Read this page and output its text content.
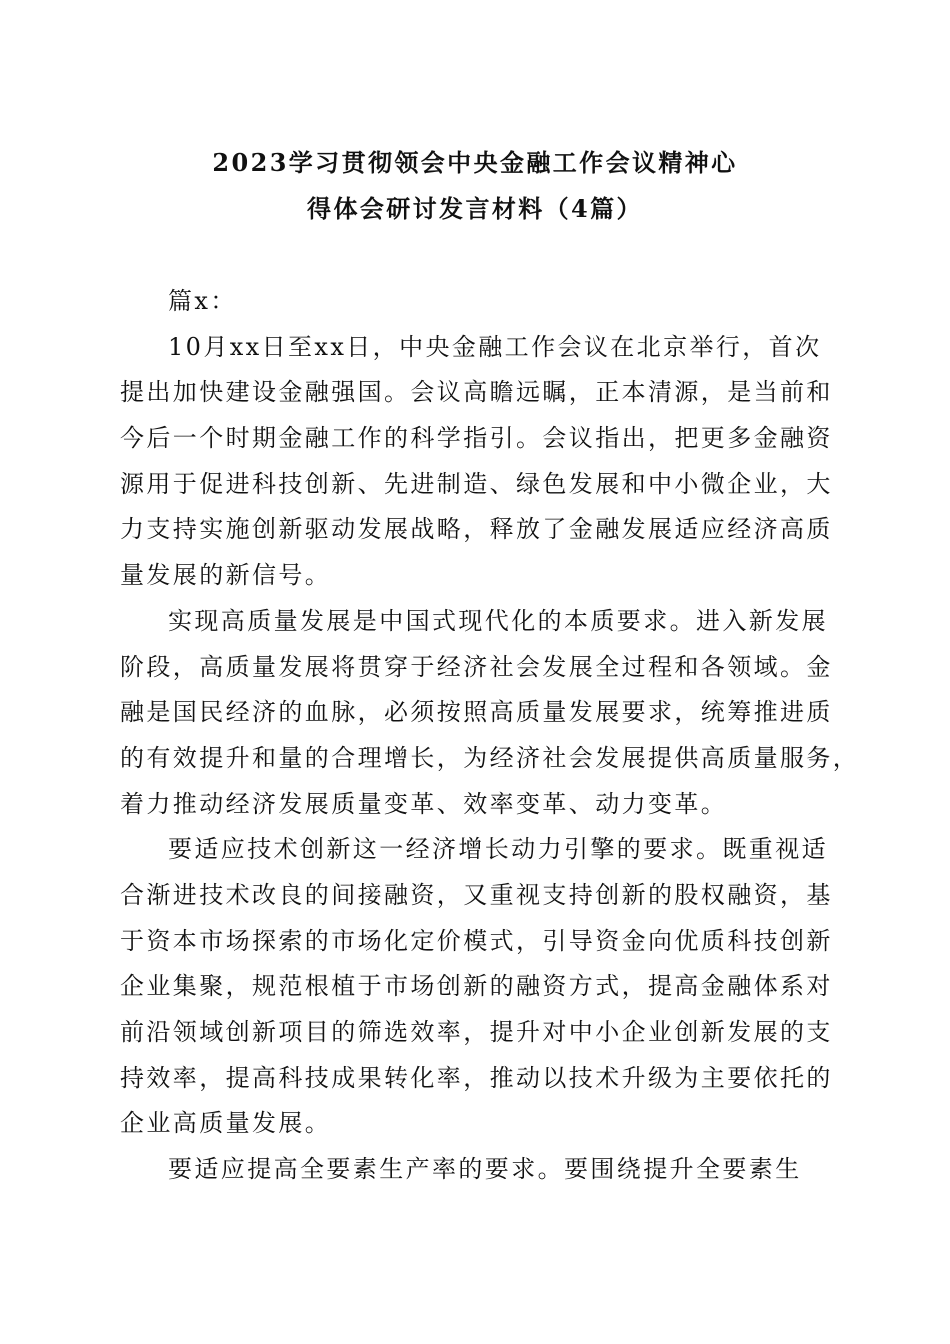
2023学习贯彻领会中央金融工作会议精神心
得体会研讨发言材料（4篇）
篇x：
10月xx日至xx日，中央金融工作会议在北京举行，首次
提出加快建设金融强国。会议高瞻远瞩，正本清源，是当前和
今后一个时期金融工作的科学指引。会议指出，把更多金融资
源用于促进科技创新、先进制造、绿色发展和中小微企业，大
力支持实施创新驱动发展战略，释放了金融发展适应经济高质
量发展的新信号。
实现高质量发展是中国式现代化的本质要求。进入新发展
阶段，高质量发展将贯穿于经济社会发展全过程和各领域。金
融是国民经济的血脉，必须按照高质量发展要求，统筹推进质
的有效提升和量的合理增长，为经济社会发展提供高质量服务，
着力推动经济发展质量变革、效率变革、动力变革。
要适应技术创新这一经济增长动力引擎的要求。既重视适
合渐进技术改良的间接融资，又重视支持创新的股权融资，基
于资本市场探索的市场化定价模式，引导资金向优质科技创新
企业集聚，规范根植于市场创新的融资方式，提高金融体系对
前沿领域创新项目的筛选效率，提升对中小企业创新发展的支
持效率，提高科技成果转化率，推动以技术升级为主要依托的
企业高质量发展。
要适应提高全要素生产率的要求。要围绕提升全要素生
